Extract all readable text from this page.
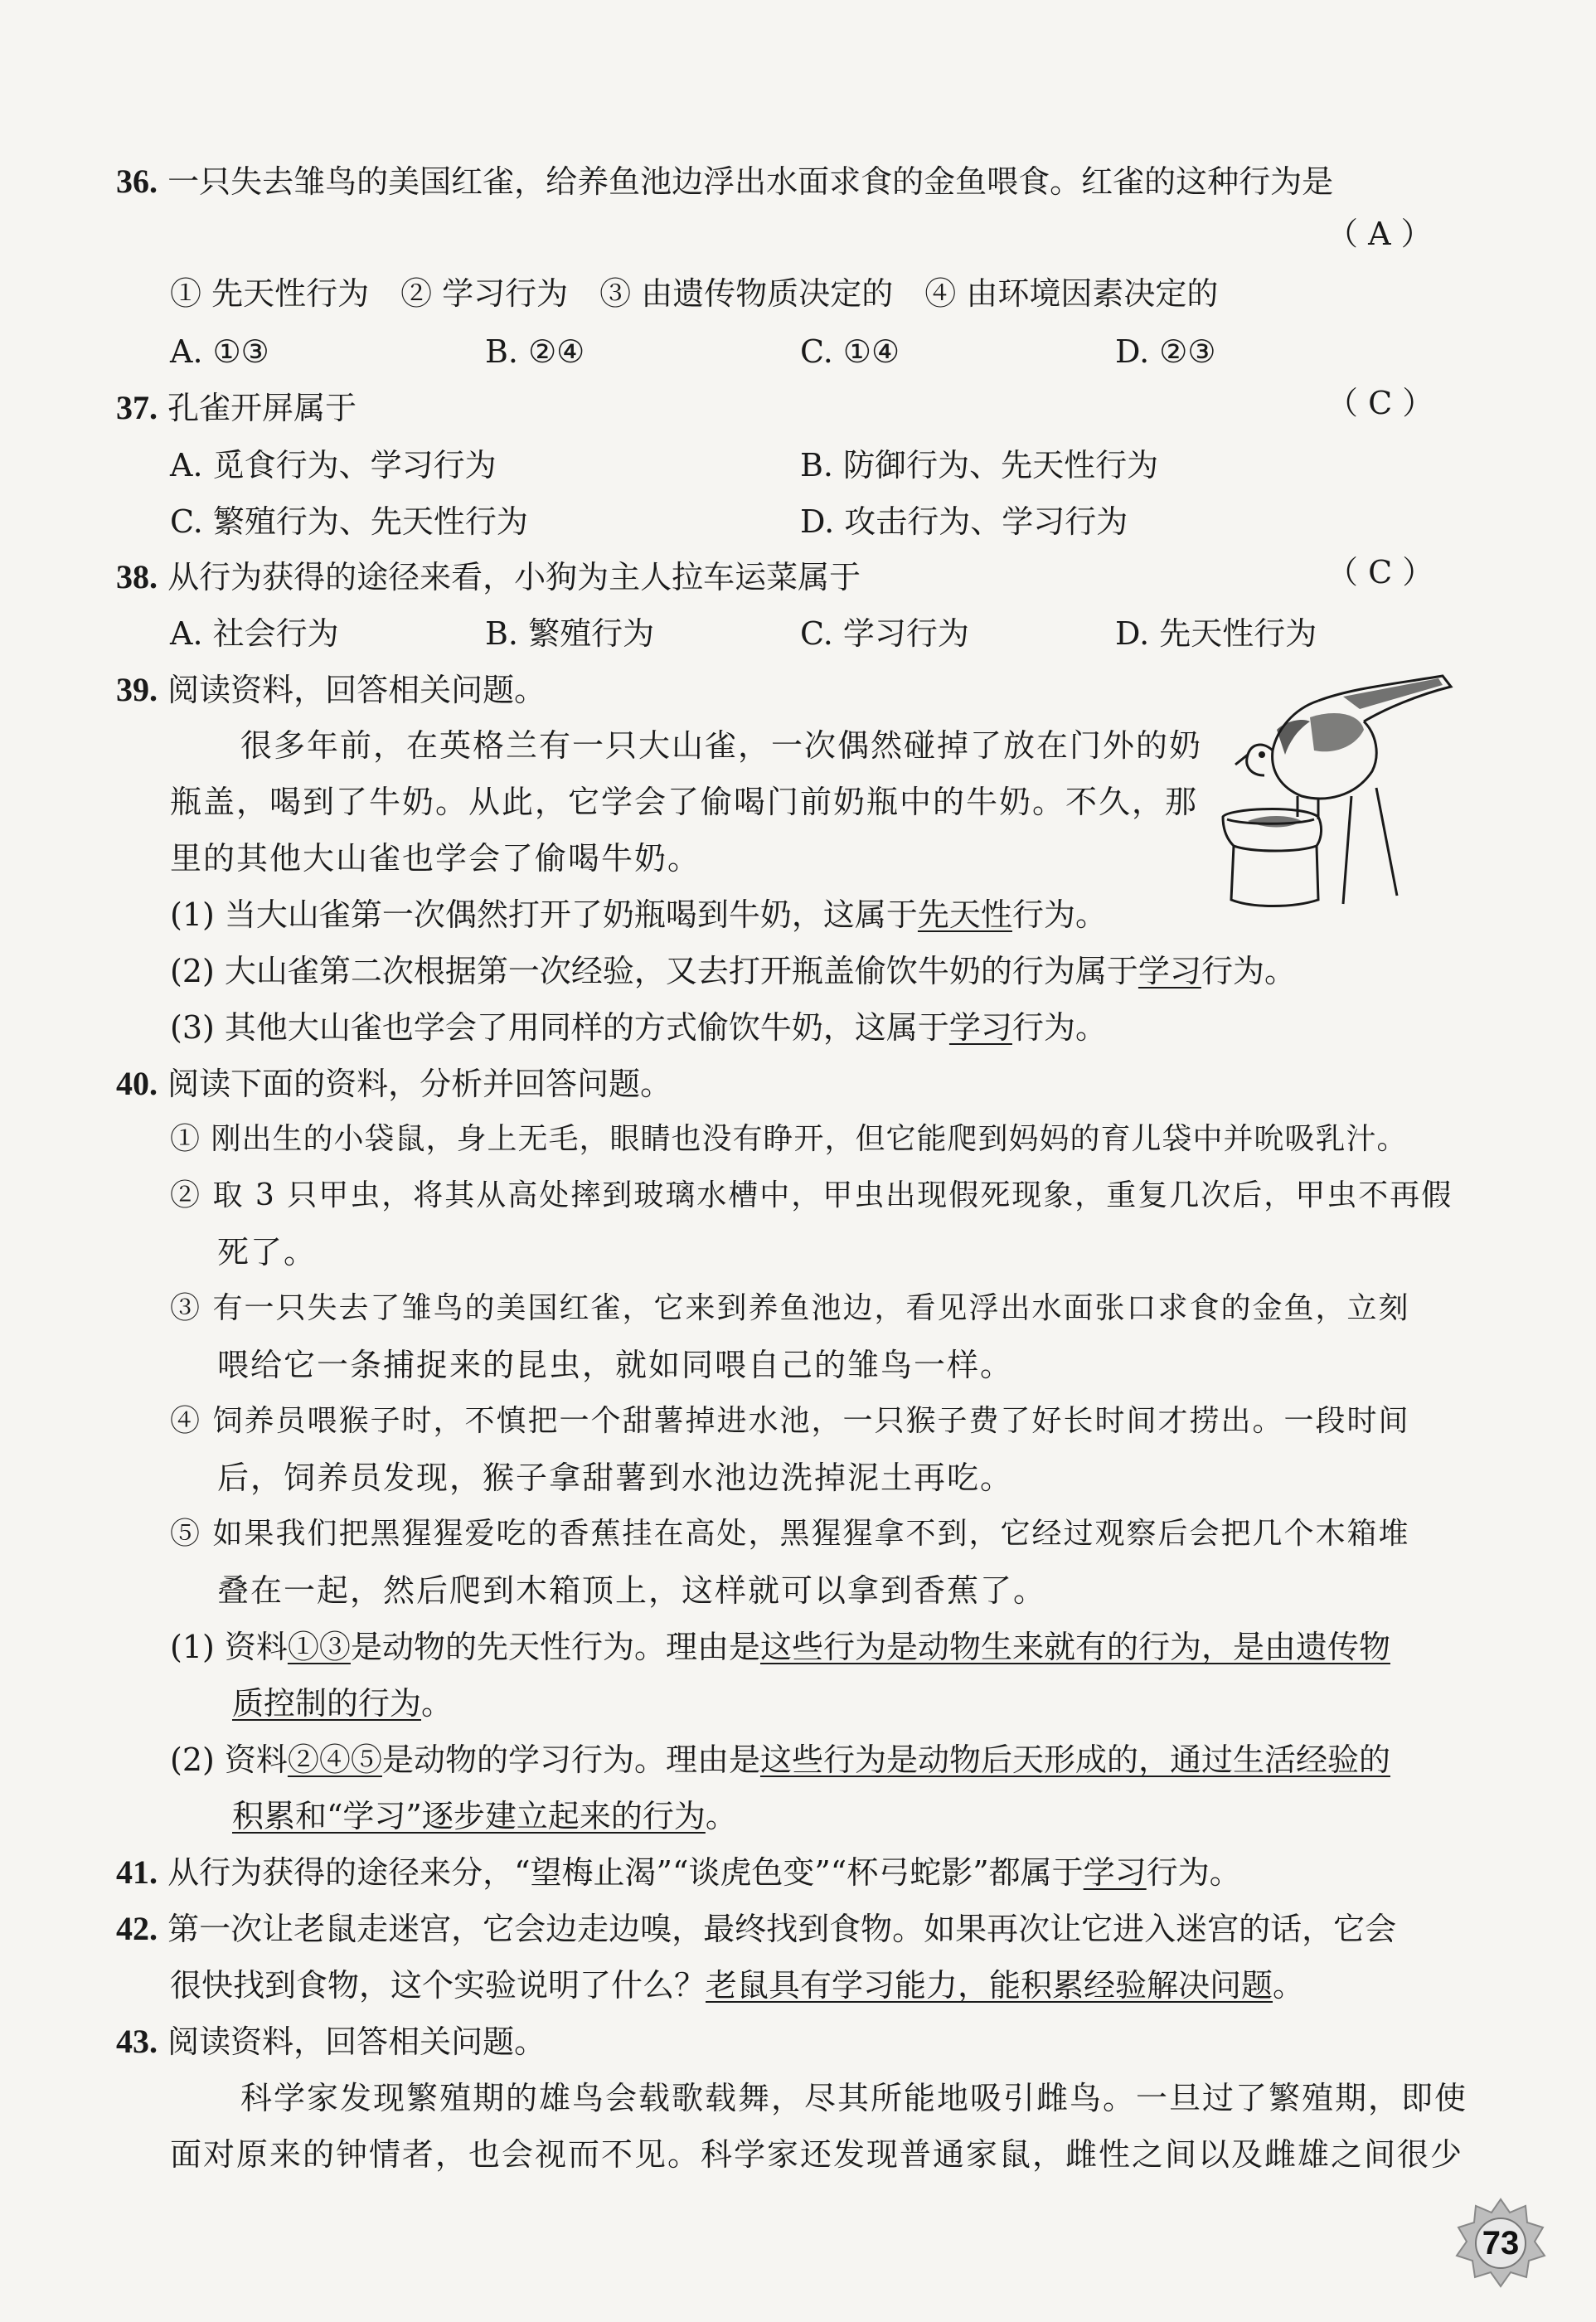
36. 一只失去雏鸟的美国红雀，给养鱼池边浮出水面求食的金鱼喂食。红雀的这种行为是
（ A ）
① 先天性行为　② 学习行为　③ 由遗传物质决定的　④ 由环境因素决定的
A. ①③	B. ②④	C. ①④	D. ②③
37. 孔雀开屏属于	（ C ）
A. 觅食行为、学习行为	B. 防御行为、先天性行为
C. 繁殖行为、先天性行为	D. 攻击行为、学习行为
38. 从行为获得的途径来看，小狗为主人拉车运菜属于	（ C ）
A. 社会行为	B. 繁殖行为	C. 学习行为	D. 先天性行为
39. 阅读资料，回答相关问题。
很多年前，在英格兰有一只大山雀，一次偶然碰掉了放在门外的奶
瓶盖，喝到了牛奶。从此，它学会了偷喝门前奶瓶中的牛奶。不久，那
里的其他大山雀也学会了偷喝牛奶。
(1) 当大山雀第一次偶然打开了奶瓶喝到牛奶，这属于先天性行为。
(2) 大山雀第二次根据第一次经验，又去打开瓶盖偷饮牛奶的行为属于学习行为。
(3) 其他大山雀也学会了用同样的方式偷饮牛奶，这属于学习行为。
40. 阅读下面的资料，分析并回答问题。
① 刚出生的小袋鼠，身上无毛，眼睛也没有睁开，但它能爬到妈妈的育儿袋中并吮吸乳汁。
② 取 3 只甲虫，将其从高处摔到玻璃水槽中，甲虫出现假死现象，重复几次后，甲虫不再假
死了。
③ 有一只失去了雏鸟的美国红雀，它来到养鱼池边，看见浮出水面张口求食的金鱼，立刻
喂给它一条捕捉来的昆虫，就如同喂自己的雏鸟一样。
④ 饲养员喂猴子时，不慎把一个甜薯掉进水池，一只猴子费了好长时间才捞出。一段时间
后，饲养员发现，猴子拿甜薯到水池边洗掉泥土再吃。
⑤ 如果我们把黑猩猩爱吃的香蕉挂在高处，黑猩猩拿不到，它经过观察后会把几个木箱堆
叠在一起，然后爬到木箱顶上，这样就可以拿到香蕉了。
(1) 资料①③是动物的先天性行为。理由是这些行为是动物生来就有的行为，是由遗传物
质控制的行为。
(2) 资料②④⑤是动物的学习行为。理由是这些行为是动物后天形成的，通过生活经验的
积累和“学习”逐步建立起来的行为。
41. 从行为获得的途径来分，“望梅止渴”“谈虎色变”“杯弓蛇影”都属于学习行为。
42. 第一次让老鼠走迷宫，它会边走边嗅，最终找到食物。如果再次让它进入迷宫的话，它会
很快找到食物，这个实验说明了什么？老鼠具有学习能力，能积累经验解决问题。
43. 阅读资料，回答相关问题。
科学家发现繁殖期的雄鸟会载歌载舞，尽其所能地吸引雌鸟。一旦过了繁殖期，即使
面对原来的钟情者，也会视而不见。科学家还发现普通家鼠，雌性之间以及雌雄之间很少
73
